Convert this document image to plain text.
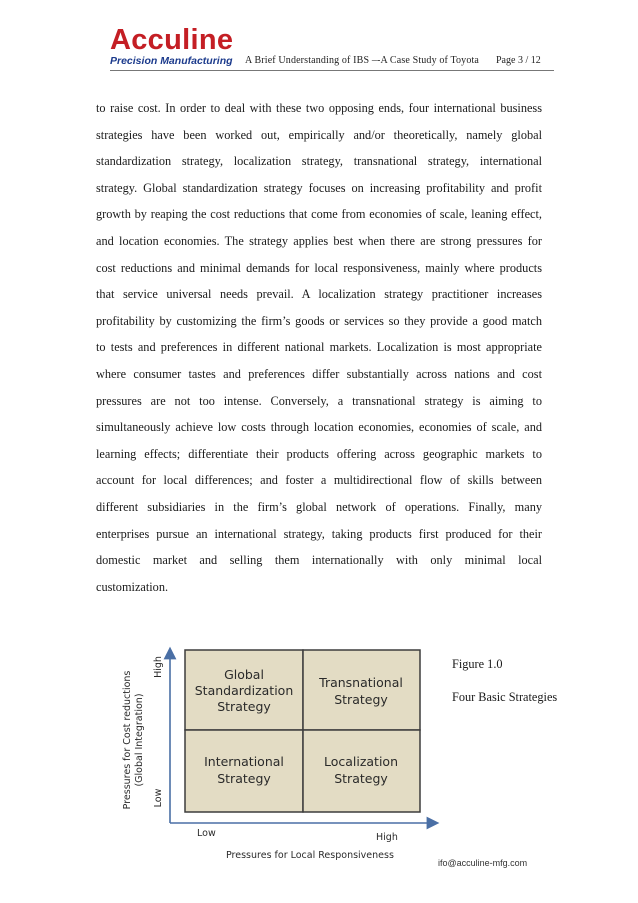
Acculine
Precision Manufacturing A Brief Understanding of IBS –-A Case Study of Toyota Page 3 / 12
to raise cost. In order to deal with these two opposing ends, four international business
strategies have been worked out, empirically and/or theoretically, namely global
standardization strategy, localization strategy, transnational strategy, international
strategy. Global standardization strategy focuses on increasing profitability and profit
growth by reaping the cost reductions that come from economies of scale, leaning effect,
and location economies. The strategy applies best when there are strong pressures for
cost reductions and minimal demands for local responsiveness, mainly where products
that service universal needs prevail. A localization strategy practitioner increases
profitability by customizing the firm’s goods or services so they provide a good match
to tests and preferences in different national markets. Localization is most appropriate
where consumer tastes and preferences differ substantially across nations and cost
pressures are not too intense. Conversely, a transnational strategy is aiming to
simultaneously achieve low costs through location economies, economies of scale, and
learning effects; differentiate their products offering across geographic markets to
account for local differences; and foster a multidirectional flow of skills between
different subsidiaries in the firm’s global network of operations. Finally, many
enterprises pursue an international strategy, taking products first produced for their
domestic market and selling them internationally with only minimal local
customization.
Figure 1.0
Four Basic Strategies
Global
Standardization
Strategy
Transnational
Strategy
International
Strategy
Localization
Strategy
Pressures for Cost reductions (Global Integration)
High
Low
Low	High
Pressures for Local Responsiveness
ifo@acculine-mfg.com
